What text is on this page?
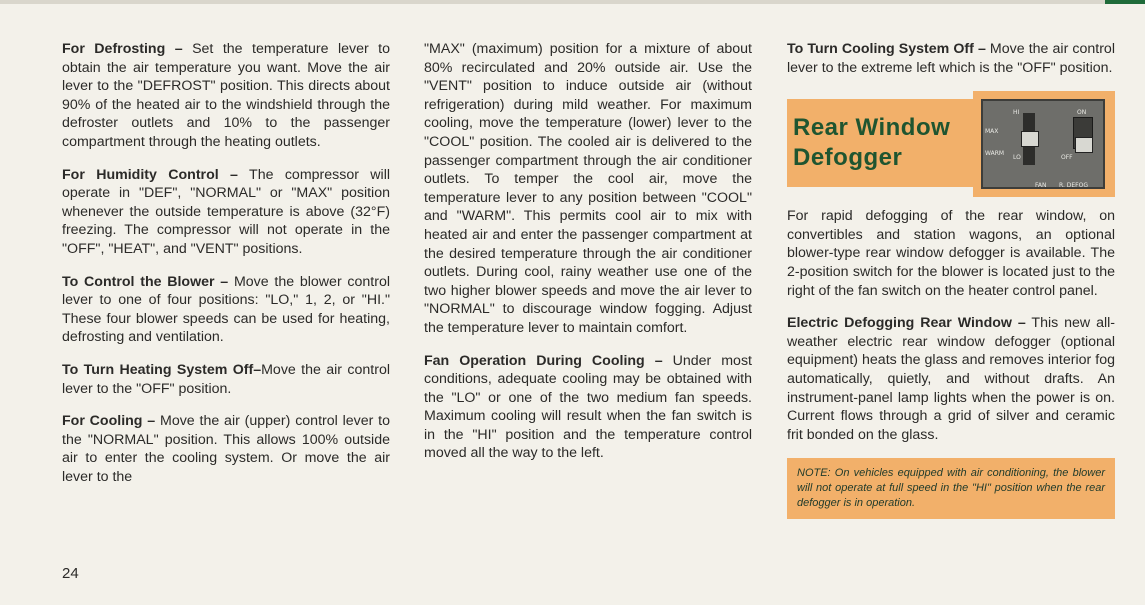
For Defrosting – Set the temperature lever to obtain the air temperature you want. Move the air lever to the "DEFROST" position. This directs about 90% of the heated air to the windshield through the defroster outlets and 10% to the passenger compartment through the heating outlets.

For Humidity Control – The compressor will operate in "DEF", "NORMAL" or "MAX" position whenever the outside temperature is above (32°F) freezing. The compressor will not operate in the "OFF", "HEAT", and "VENT" positions.

To Control the Blower – Move the blower control lever to one of four positions: "LO," 1, 2, or "HI." These four blower speeds can be used for heating, defrosting and ventilation.

To Turn Heating System Off–Move the air control lever to the "OFF" position.

For Cooling – Move the air (upper) control lever to the "NORMAL" position. This allows 100% outside air to enter the cooling system. Or move the air lever to the

"MAX" (maximum) position for a mixture of about 80% recirculated and 20% outside air. Use the "VENT" position to induce outside air (without refrigeration) during mild weather. For maximum cooling, move the temperature (lower) lever to the "COOL" position. The cooled air is delivered to the passenger compartment through the air conditioner outlets. To temper the cool air, move the temperature lever to any position between "COOL" and "WARM". This permits cool air to mix with heated air and enter the passenger compartment at the desired temperature through the air conditioner outlets. During cool, rainy weather use one of the two higher blower speeds and move the air lever to "NORMAL" to discourage window fogging. Adjust the temperature lever to maintain comfort.

Fan Operation During Cooling – Under most conditions, adequate cooling may be obtained with the "LO" or one of the two medium fan speeds. Maximum cooling will result when the fan switch is in the "HI" position and the temperature control moved all the way to the left.

To Turn Cooling System Off – Move the air control lever to the extreme left which is the "OFF" position.

Rear Window
Defogger
HI	ON
MAX
WARM
LO	OFF
FAN R. DEFOG

For rapid defogging of the rear window, on convertibles and station wagons, an optional blower-type rear window defogger is available. The 2-position switch for the blower is located just to the right of the fan switch on the heater control panel.

Electric Defogging Rear Window – This new all-weather electric rear window defogger (optional equipment) heats the glass and removes interior fog automatically, quietly, and without drafts. An instrument-panel lamp lights when the power is on. Current flows through a grid of silver and ceramic frit bonded on the glass.

NOTE: On vehicles equipped with air conditioning, the blower will not operate at full speed in the "HI" position when the rear defogger is in operation.
24
